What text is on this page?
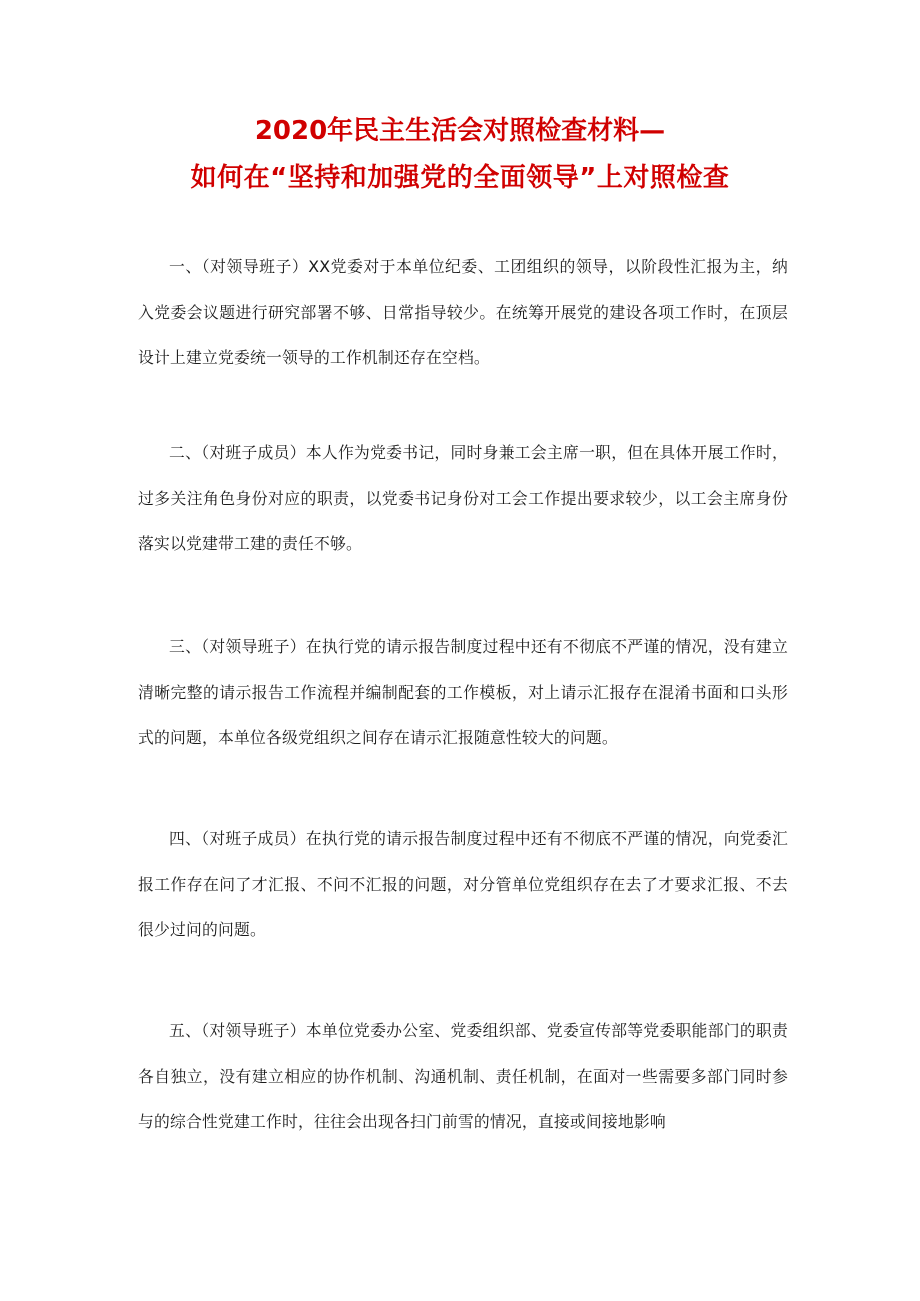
2020年民主生活会对照检查材料—
如何在“坚持和加强党的全面领导”上对照检查
一、（对领导班子）XX党委对于本单位纪委、工团组织的领导，以阶段性汇报为主，纳入党委会议题进行研究部署不够、日常指导较少。在统筹开展党的建设各项工作时，在顶层设计上建立党委统一领导的工作机制还存在空档。
二、（对班子成员）本人作为党委书记，同时身兼工会主席一职，但在具体开展工作时，过多关注角色身份对应的职责，以党委书记身份对工会工作提出要求较少，以工会主席身份落实以党建带工建的责任不够。
三、（对领导班子）在执行党的请示报告制度过程中还有不彻底不严谨的情况，没有建立清晰完整的请示报告工作流程并编制配套的工作模板，对上请示汇报存在混淆书面和口头形式的问题，本单位各级党组织之间存在请示汇报随意性较大的问题。
四、（对班子成员）在执行党的请示报告制度过程中还有不彻底不严谨的情况，向党委汇报工作存在问了才汇报、不问不汇报的问题，对分管单位党组织存在去了才要求汇报、不去很少过问的问题。
五、（对领导班子）本单位党委办公室、党委组织部、党委宣传部等党委职能部门的职责各自独立，没有建立相应的协作机制、沟通机制、责任机制，在面对一些需要多部门同时参与的综合性党建工作时，往往会出现各扫门前雪的情况，直接或间接地影响
